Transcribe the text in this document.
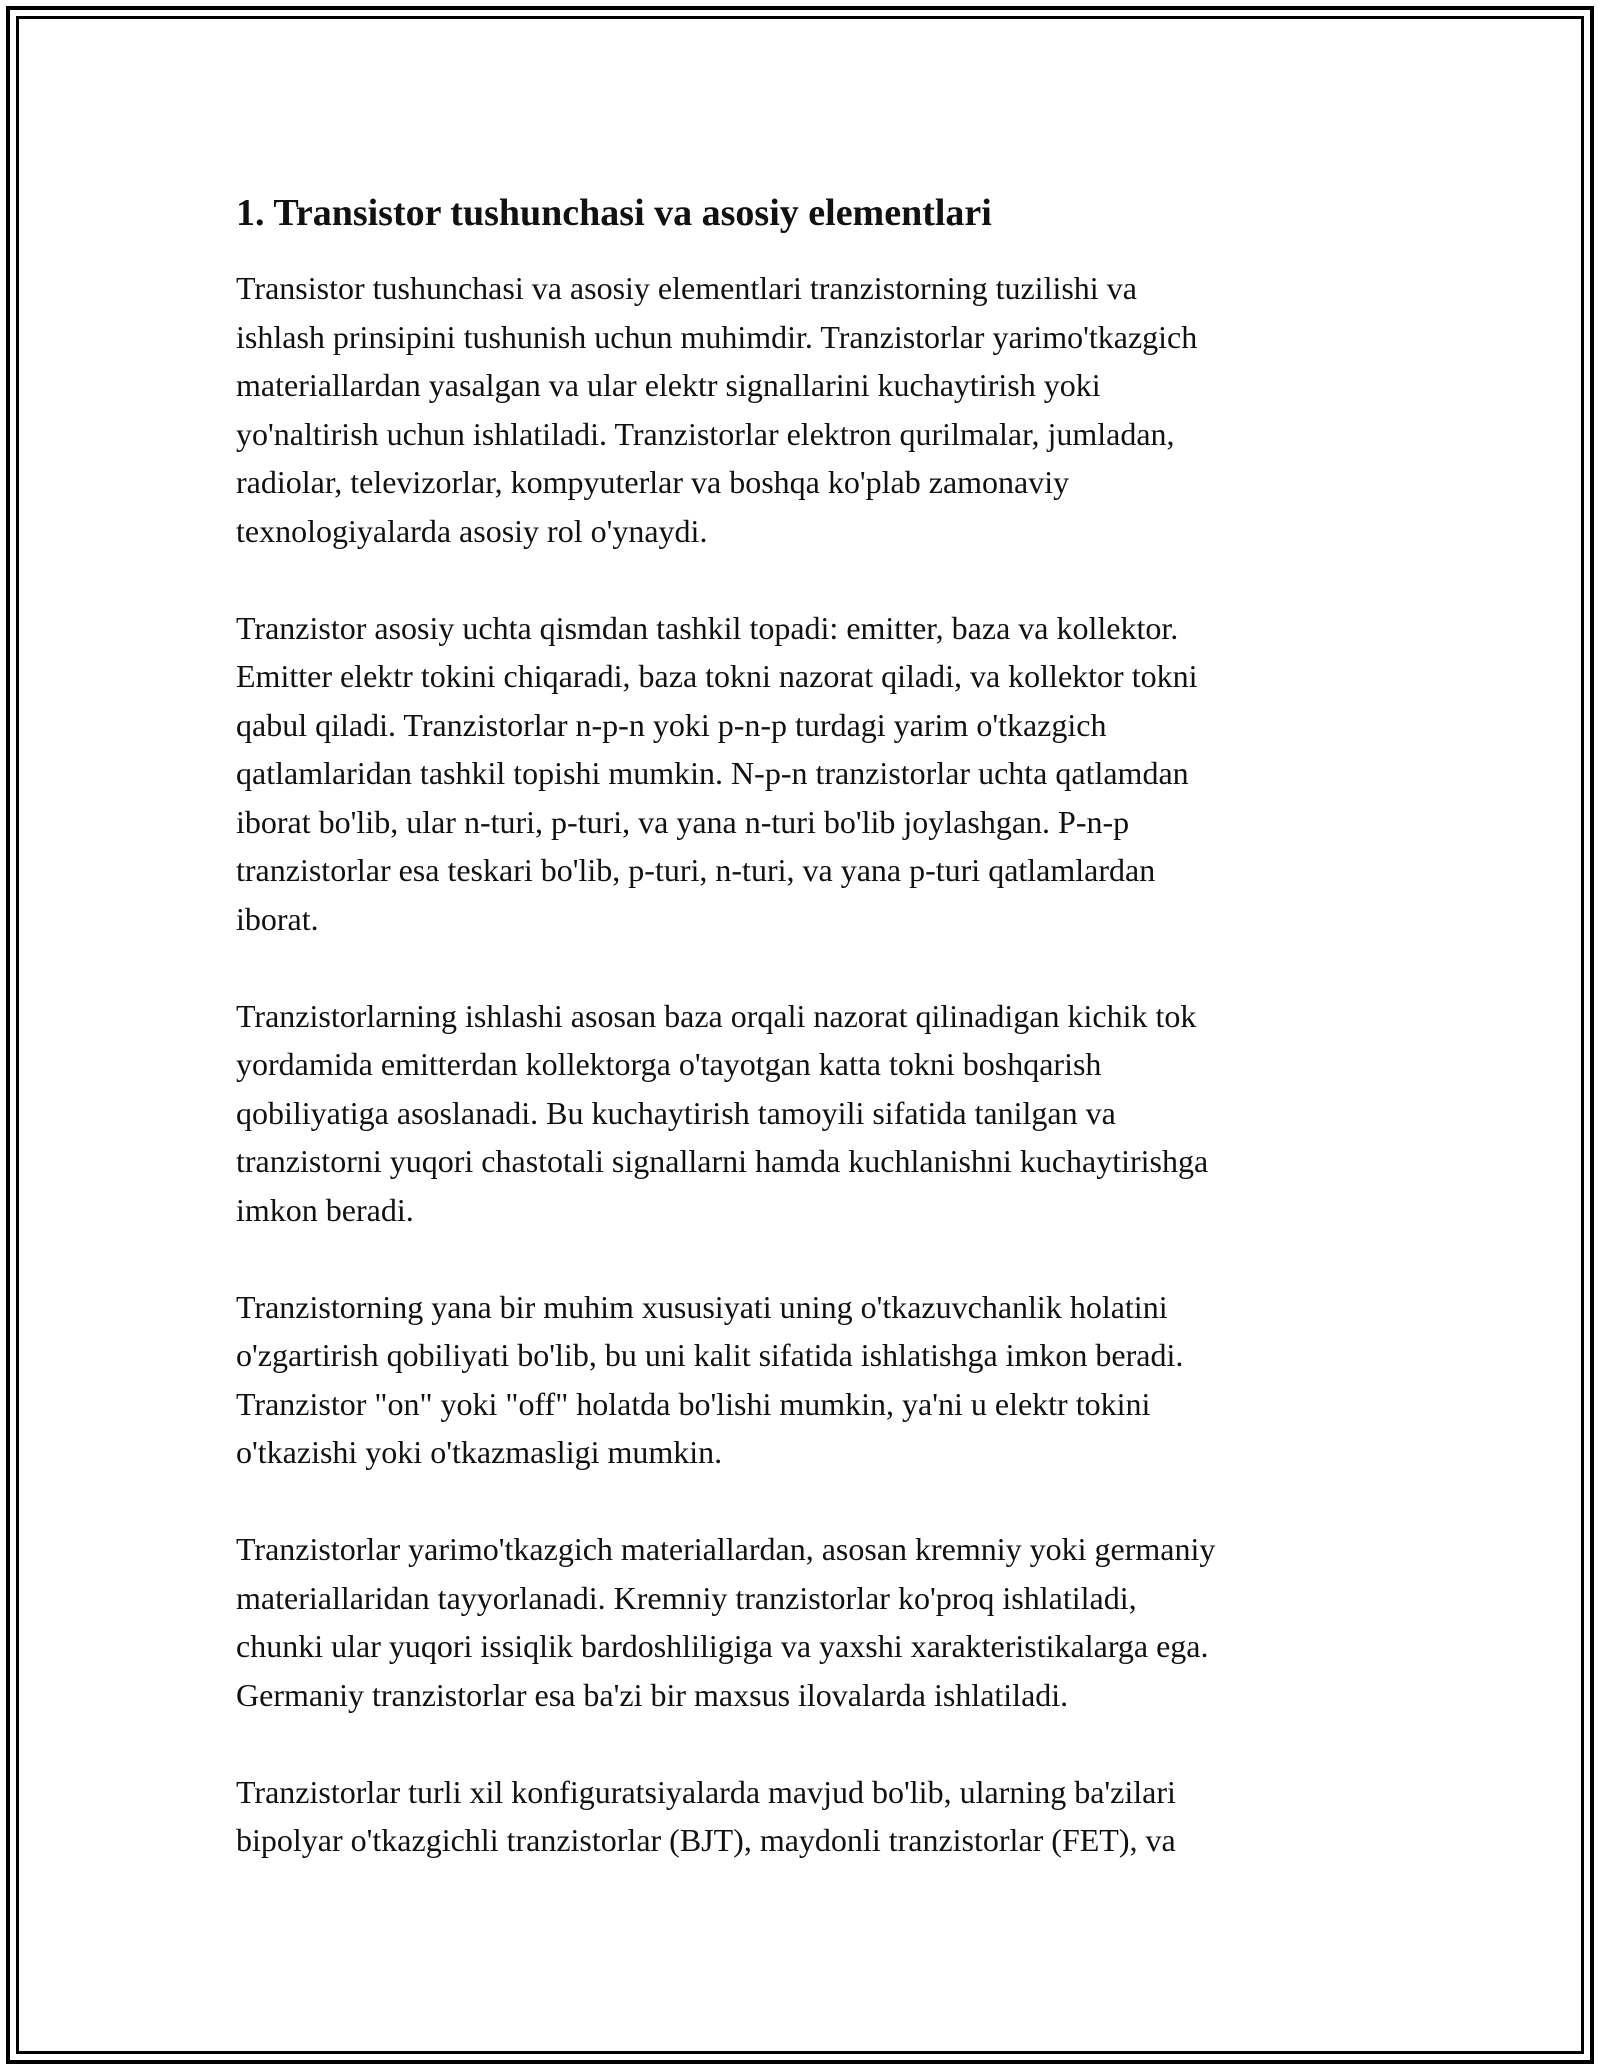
1. Transistor tushunchasi va asosiy elementlari

Transistor tushunchasi va asosiy elementlari tranzistorning tuzilishi va
ishlash prinsipini tushunish uchun muhimdir. Tranzistorlar yarimo'tkazgich
materiallardan yasalgan va ular elektr signallarini kuchaytirish yoki
yo'naltirish uchun ishlatiladi. Tranzistorlar elektron qurilmalar, jumladan,
radiolar, televizorlar, kompyuterlar va boshqa ko'plab zamonaviy
texnologiyalarda asosiy rol o'ynaydi.

Tranzistor asosiy uchta qismdan tashkil topadi: emitter, baza va kollektor.
Emitter elektr tokini chiqaradi, baza tokni nazorat qiladi, va kollektor tokni
qabul qiladi. Tranzistorlar n-p-n yoki p-n-p turdagi yarim o'tkazgich
qatlamlaridan tashkil topishi mumkin. N-p-n tranzistorlar uchta qatlamdan
iborat bo'lib, ular n-turi, p-turi, va yana n-turi bo'lib joylashgan. P-n-p
tranzistorlar esa teskari bo'lib, p-turi, n-turi, va yana p-turi qatlamlardan
iborat.

Tranzistorlarning ishlashi asosan baza orqali nazorat qilinadigan kichik tok
yordamida emitterdan kollektorga o'tayotgan katta tokni boshqarish
qobiliyatiga asoslanadi. Bu kuchaytirish tamoyili sifatida tanilgan va
tranzistorni yuqori chastotali signallarni hamda kuchlanishni kuchaytirishga
imkon beradi.

Tranzistorning yana bir muhim xususiyati uning o'tkazuvchanlik holatini
o'zgartirish qobiliyati bo'lib, bu uni kalit sifatida ishlatishga imkon beradi.
Tranzistor "on" yoki "off" holatda bo'lishi mumkin, ya'ni u elektr tokini
o'tkazishi yoki o'tkazmasligi mumkin.

Tranzistorlar yarimo'tkazgich materiallardan, asosan kremniy yoki germaniy
materiallaridan tayyorlanadi. Kremniy tranzistorlar ko'proq ishlatiladi,
chunki ular yuqori issiqlik bardoshliligiga va yaxshi xarakteristikalarga ega.
Germaniy tranzistorlar esa ba'zi bir maxsus ilovalarda ishlatiladi.

Tranzistorlar turli xil konfiguratsiyalarda mavjud bo'lib, ularning ba'zilari
bipolyar o'tkazgichli tranzistorlar (BJT), maydonli tranzistorlar (FET), va
